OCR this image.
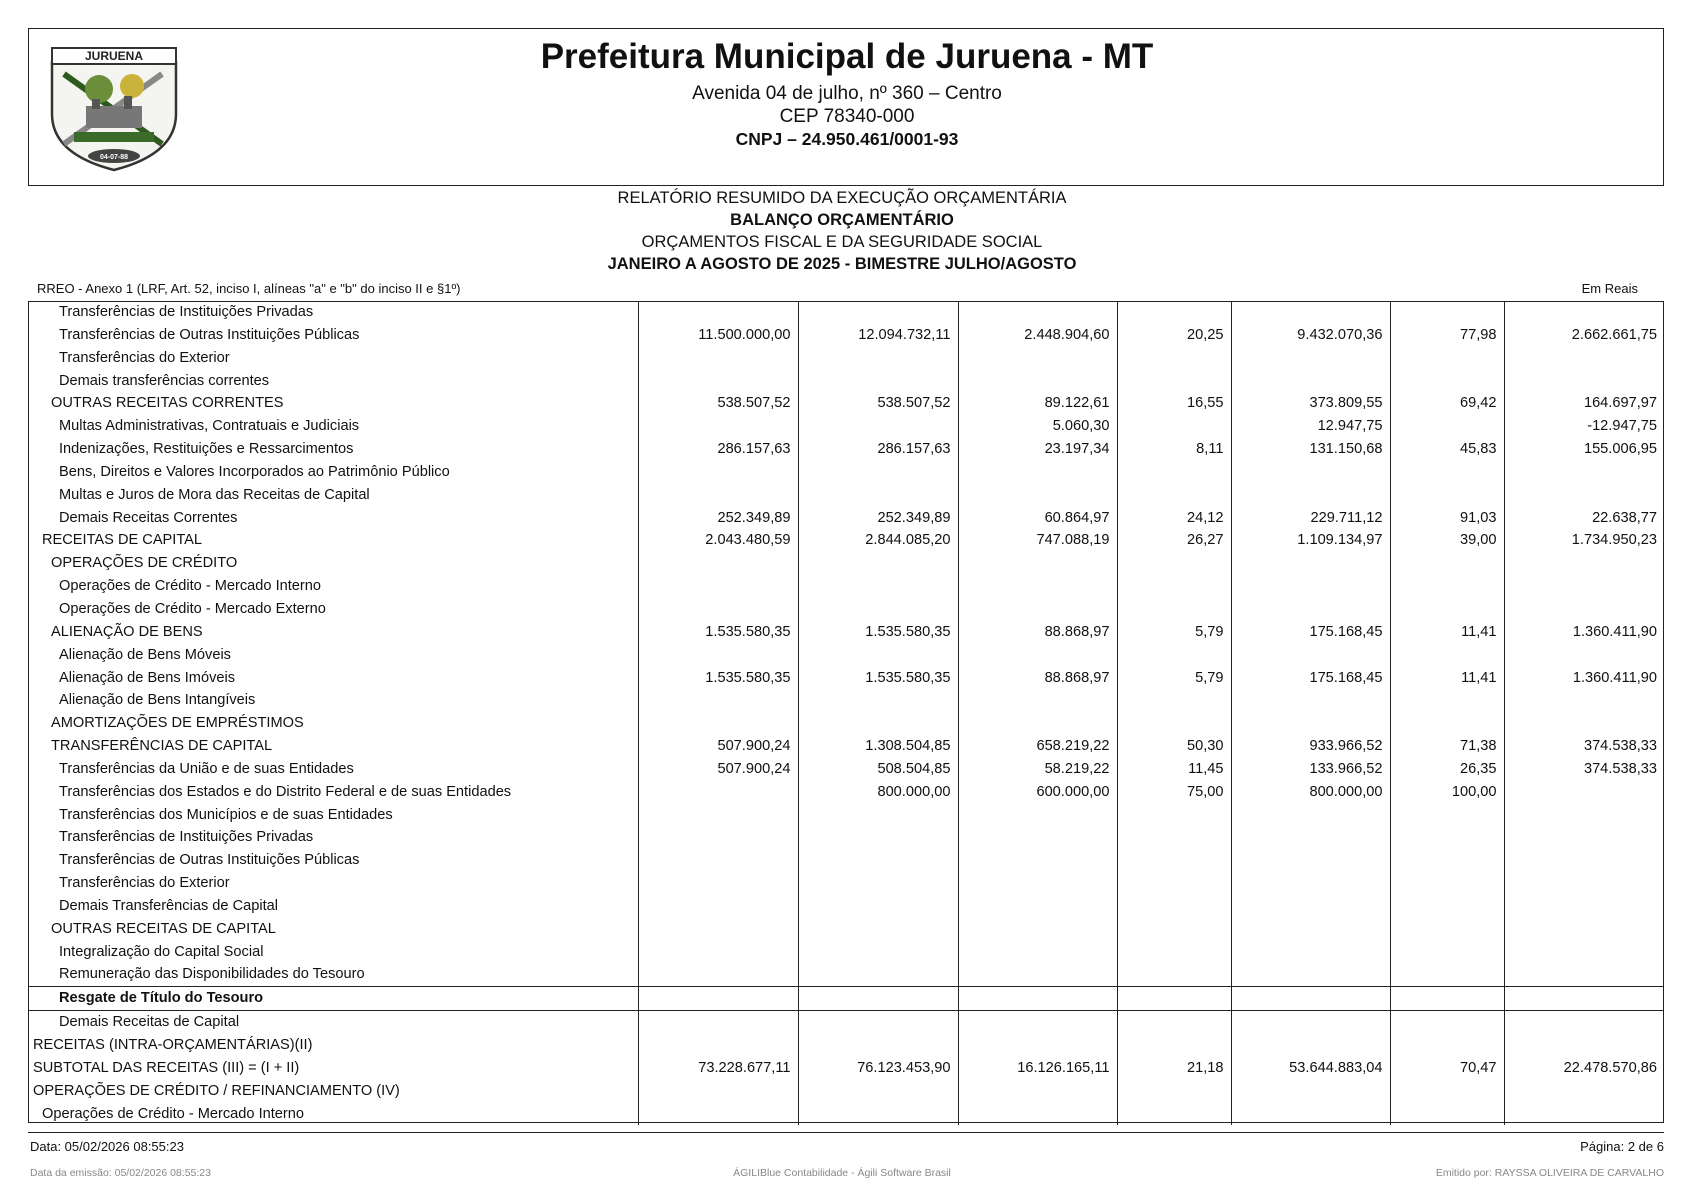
JURUENA
04-07-88
Prefeitura Municipal de Juruena - MT
Avenida 04 de julho, nº 360 – Centro
CEP 78340-000
CNPJ – 24.950.461/0001-93
RELATÓRIO RESUMIDO DA EXECUÇÃO ORÇAMENTÁRIA
BALANÇO ORÇAMENTÁRIO
ORÇAMENTOS FISCAL E DA SEGURIDADE SOCIAL
JANEIRO A AGOSTO DE 2025 - BIMESTRE JULHO/AGOSTO
RREO - Anexo 1 (LRF, Art. 52, inciso I, alíneas "a" e "b" do inciso II e §1º)	Em Reais
Transferências de Instituições Privadas							
Transferências de Outras Instituições Públicas	11.500.000,00	12.094.732,11	2.448.904,60	20,25	9.432.070,36	77,98	2.662.661,75
Transferências do Exterior							
Demais transferências correntes							
OUTRAS RECEITAS CORRENTES	538.507,52	538.507,52	89.122,61	16,55	373.809,55	69,42	164.697,97
Multas Administrativas, Contratuais e Judiciais			5.060,30		12.947,75		-12.947,75
Indenizações, Restituições e Ressarcimentos	286.157,63	286.157,63	23.197,34	8,11	131.150,68	45,83	155.006,95
Bens, Direitos e Valores Incorporados ao Patrimônio Público							
Multas e Juros de Mora das Receitas de Capital							
Demais Receitas Correntes	252.349,89	252.349,89	60.864,97	24,12	229.711,12	91,03	22.638,77
RECEITAS DE CAPITAL	2.043.480,59	2.844.085,20	747.088,19	26,27	1.109.134,97	39,00	1.734.950,23
OPERAÇÕES DE CRÉDITO							
Operações de Crédito - Mercado Interno							
Operações de Crédito - Mercado Externo							
ALIENAÇÃO DE BENS	1.535.580,35	1.535.580,35	88.868,97	5,79	175.168,45	11,41	1.360.411,90
Alienação de Bens Móveis							
Alienação de Bens Imóveis	1.535.580,35	1.535.580,35	88.868,97	5,79	175.168,45	11,41	1.360.411,90
Alienação de Bens Intangíveis							
AMORTIZAÇÕES DE EMPRÉSTIMOS							
TRANSFERÊNCIAS DE CAPITAL	507.900,24	1.308.504,85	658.219,22	50,30	933.966,52	71,38	374.538,33
Transferências da União e de suas Entidades	507.900,24	508.504,85	58.219,22	11,45	133.966,52	26,35	374.538,33
Transferências dos Estados e do Distrito Federal e de suas Entidades		800.000,00	600.000,00	75,00	800.000,00	100,00	
Transferências dos Municípios e de suas Entidades							
Transferências de Instituições Privadas							
Transferências de Outras Instituições Públicas							
Transferências do Exterior							
Demais Transferências de Capital							
OUTRAS RECEITAS DE CAPITAL							
Integralização do Capital Social							
Remuneração das Disponibilidades do Tesouro							
Resgate de Título do Tesouro							
Demais Receitas de Capital							
RECEITAS (INTRA-ORÇAMENTÁRIAS)(II)							
SUBTOTAL DAS RECEITAS (III) = (I + II)	73.228.677,11	76.123.453,90	16.126.165,11	21,18	53.644.883,04	70,47	22.478.570,86
OPERAÇÕES DE CRÉDITO / REFINANCIAMENTO (IV)							
Operações de Crédito - Mercado Interno							
Data: 05/02/2026 08:55:23	Página: 2 de 6
Data da emissão: 05/02/2026 08:55:23	ÁGILIBlue Contabilidade - Ágili Software Brasil	Emitido por: RAYSSA OLIVEIRA DE CARVALHO
